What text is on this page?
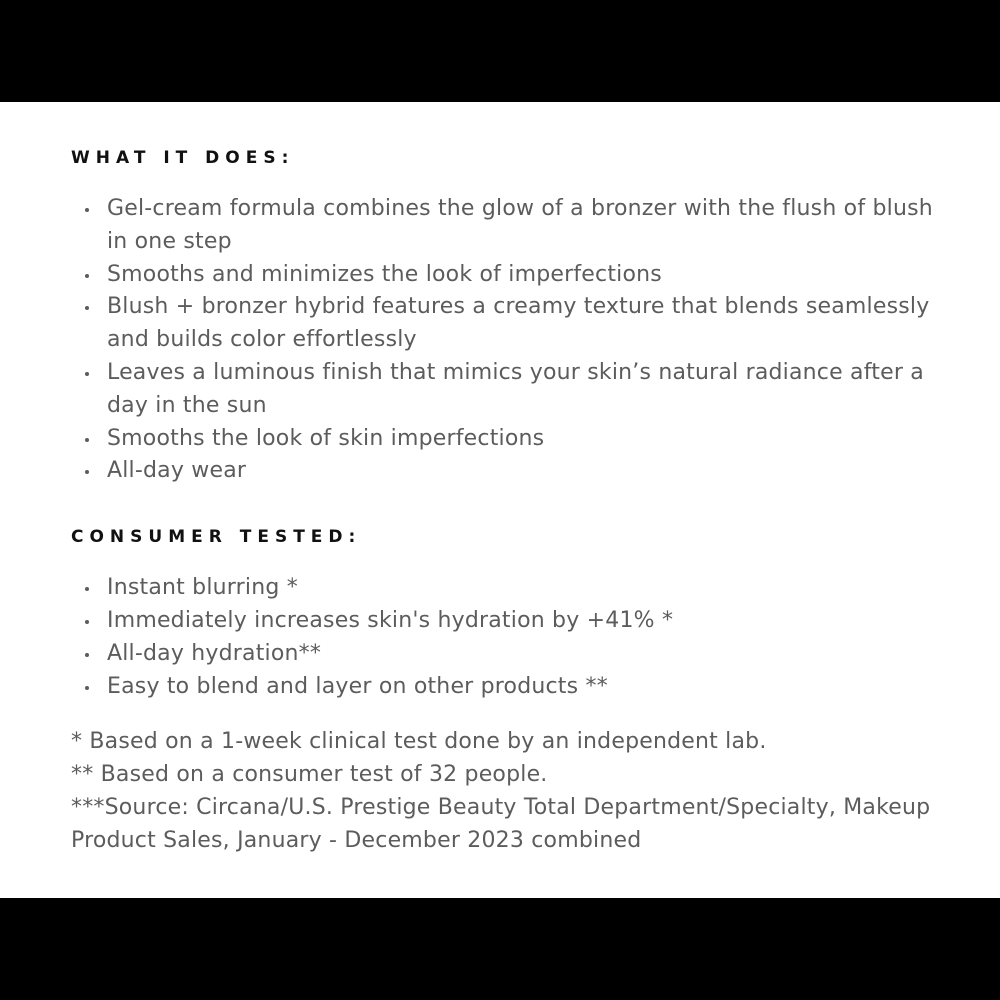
WHAT IT DOES:
Gel-cream formula combines the glow of a bronzer with the flush of blush in one step
Smooths and minimizes the look of imperfections
Blush + bronzer hybrid features a creamy texture that blends seamlessly and builds color effortlessly
Leaves a luminous finish that mimics your skin’s natural radiance after a day in the sun
Smooths the look of skin imperfections
All-day wear
CONSUMER TESTED:
Instant blurring *
Immediately increases skin's hydration by +41% *
All-day hydration**
Easy to blend and layer on other products **
* Based on a 1-week clinical test done by an independent lab.
** Based on a consumer test of 32 people.
***Source: Circana/U.S. Prestige Beauty Total Department/Specialty, Makeup Product Sales, January - December 2023 combined
